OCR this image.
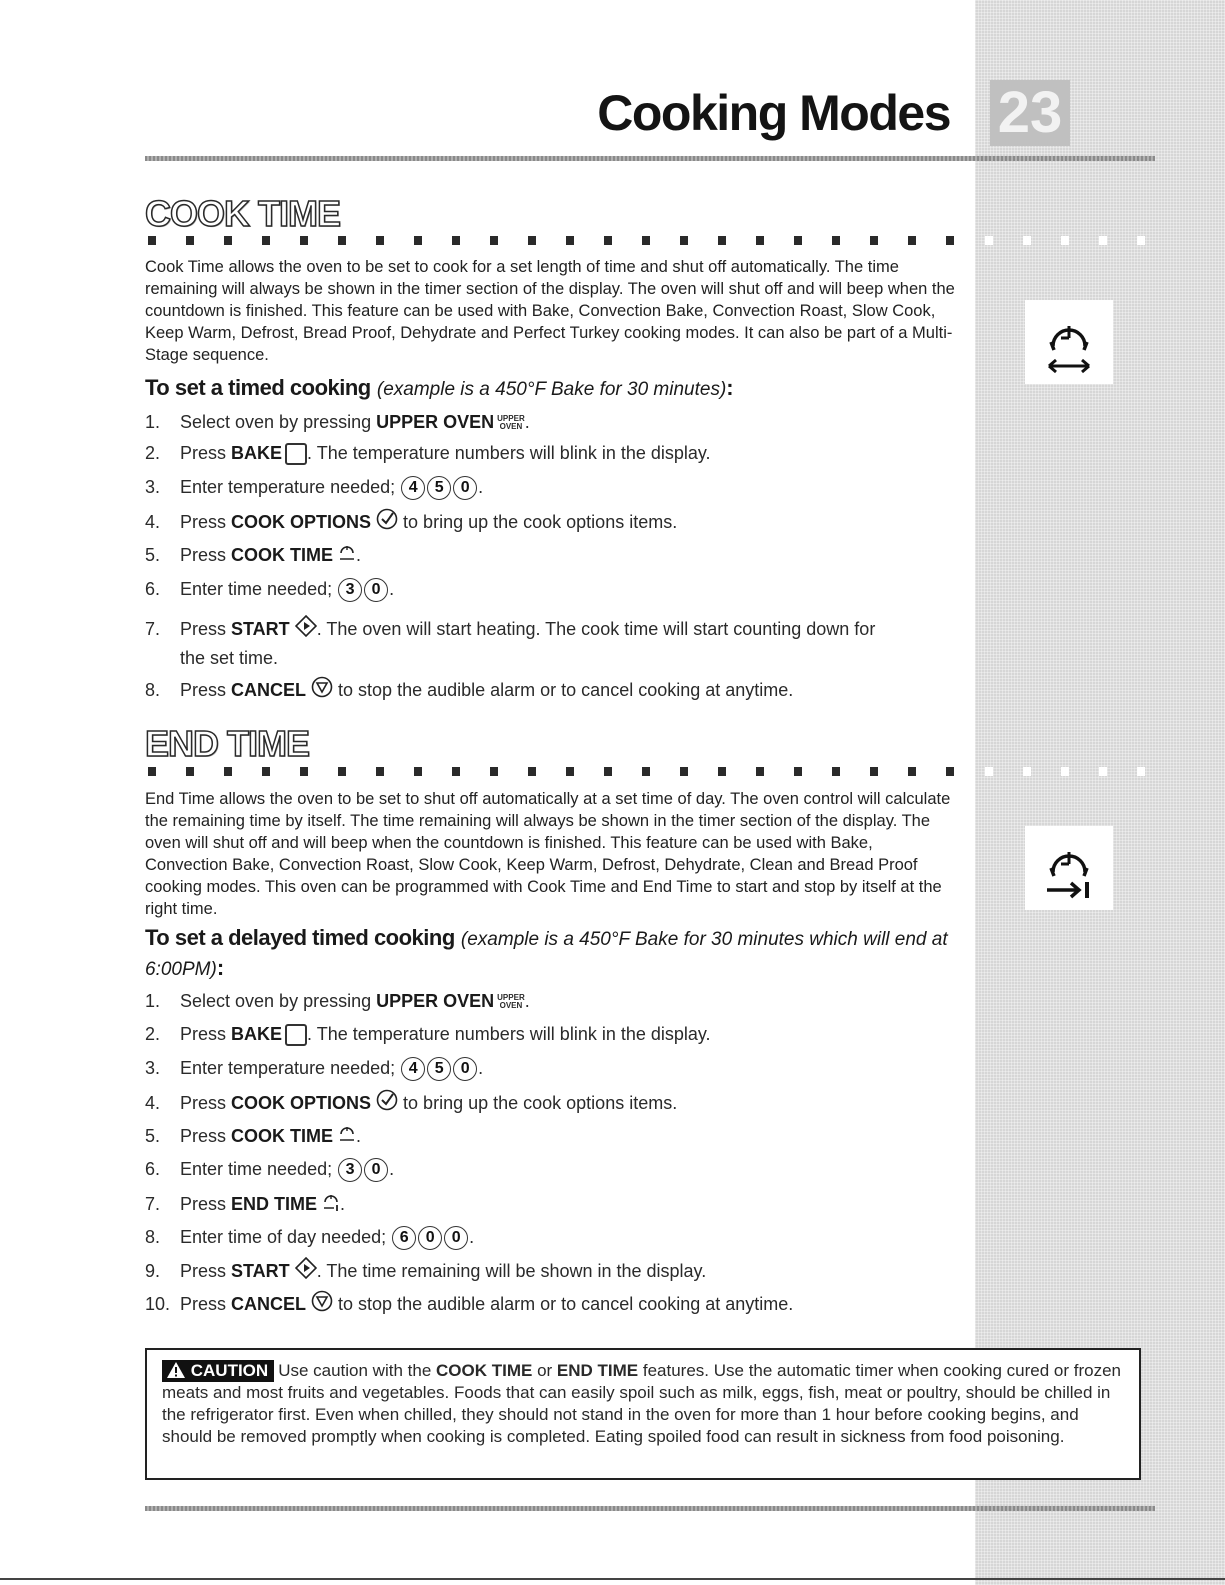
23
Cooking Modes
COOK TIME
Cook Time allows the oven to be set to cook for a set length of time and shut off automatically. The time remaining will always be shown in the timer section of the display. The oven will shut off and will beep when the countdown is finished. This feature can be used with Bake, Convection Bake, Convection Roast, Slow Cook, Keep Warm, Defrost, Bread Proof, Dehydrate and Perfect Turkey cooking modes. It can also be part of a Multi-Stage sequence.
To set a timed cooking (example is a 450°F Bake for 30 minutes):
1. Select oven by pressing UPPER OVEN UPPER
OVEN .
2. Press BAKE . The temperature numbers will blink in the display.
3. Enter temperature needed; 4 5 0 .
4. Press COOK OPTIONS  to bring up the cook options items.
5. Press COOK TIME .
6. Enter time needed; 3 0 .
7. Press START . The oven will start heating. The cook time will start counting down for
the set time.
8. Press CANCEL  to stop the audible alarm or to cancel cooking at anytime.
END TIME
End Time allows the oven to be set to shut off automatically at a set time of day. The oven control will calculate the remaining time by itself. The time remaining will always be shown in the timer section of the display. The oven will shut off and will beep when the countdown is finished. This feature can be used with Bake, Convection Bake, Convection Roast, Slow Cook, Keep Warm, Defrost, Dehydrate, Clean and Bread Proof cooking modes. This oven can be programmed with Cook Time and End Time to start and stop by itself at the right time.
To set a delayed timed cooking (example is a 450°F Bake for 30 minutes which will end at 6:00PM):
1. Select oven by pressing UPPER OVEN UPPER
OVEN .
2. Press BAKE . The temperature numbers will blink in the display.
3. Enter temperature needed; 4 5 0 .
4. Press COOK OPTIONS  to bring up the cook options items.
5. Press COOK TIME .
6. Enter time needed; 3 0 .
7. Press END TIME .
8. Enter time of day needed; 6 0 0 .
9. Press START . The time remaining will be shown in the display.
10. Press CANCEL  to stop the audible alarm or to cancel cooking at anytime.
CAUTION Use caution with the COOK TIME or END TIME features. Use the automatic timer when cooking cured or frozen meats and most fruits and vegetables. Foods that can easily spoil such as milk, eggs, fish, meat or poultry, should be chilled in the refrigerator first. Even when chilled, they should not stand in the oven for more than 1 hour before cooking begins, and should be removed promptly when cooking is completed. Eating spoiled food can result in sickness from food poisoning.
